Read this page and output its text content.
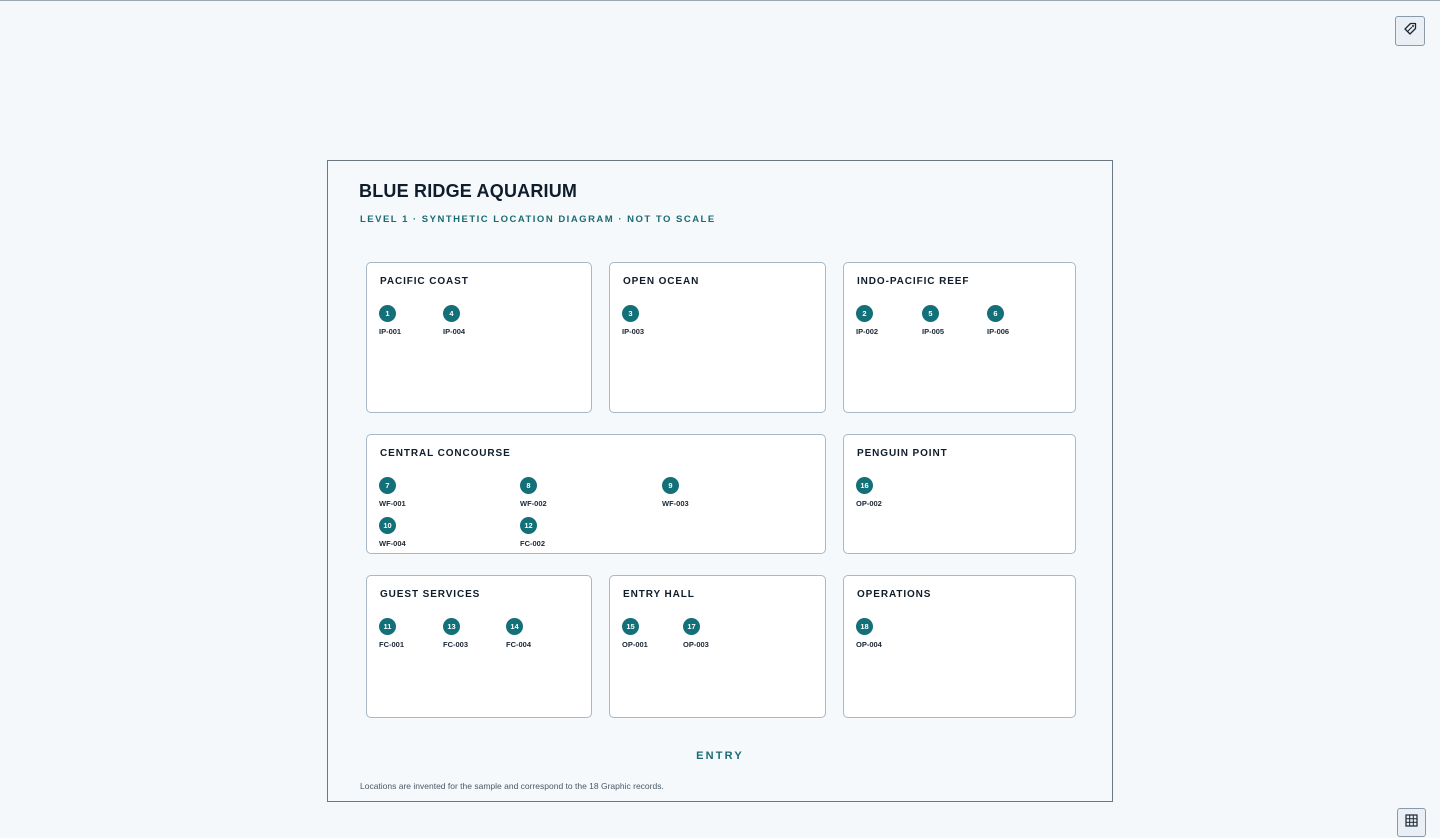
BLUE RIDGE AQUARIUM
LEVEL 1 · SYNTHETIC LOCATION DIAGRAM · NOT TO SCALE
PACIFIC COAST
1
IP-001
4
IP-004
OPEN OCEAN
3
IP-003
INDO-PACIFIC REEF
2
IP-002
5
IP-005
6
IP-006
CENTRAL CONCOURSE
7
WF-001
8
WF-002
9
WF-003
10
WF-004
12
FC-002
PENGUIN POINT
16
OP-002
GUEST SERVICES
11
FC-001
13
FC-003
14
FC-004
ENTRY HALL
15
OP-001
17
OP-003
OPERATIONS
18
OP-004
ENTRY
Locations are invented for the sample and correspond to the 18 Graphic records.
